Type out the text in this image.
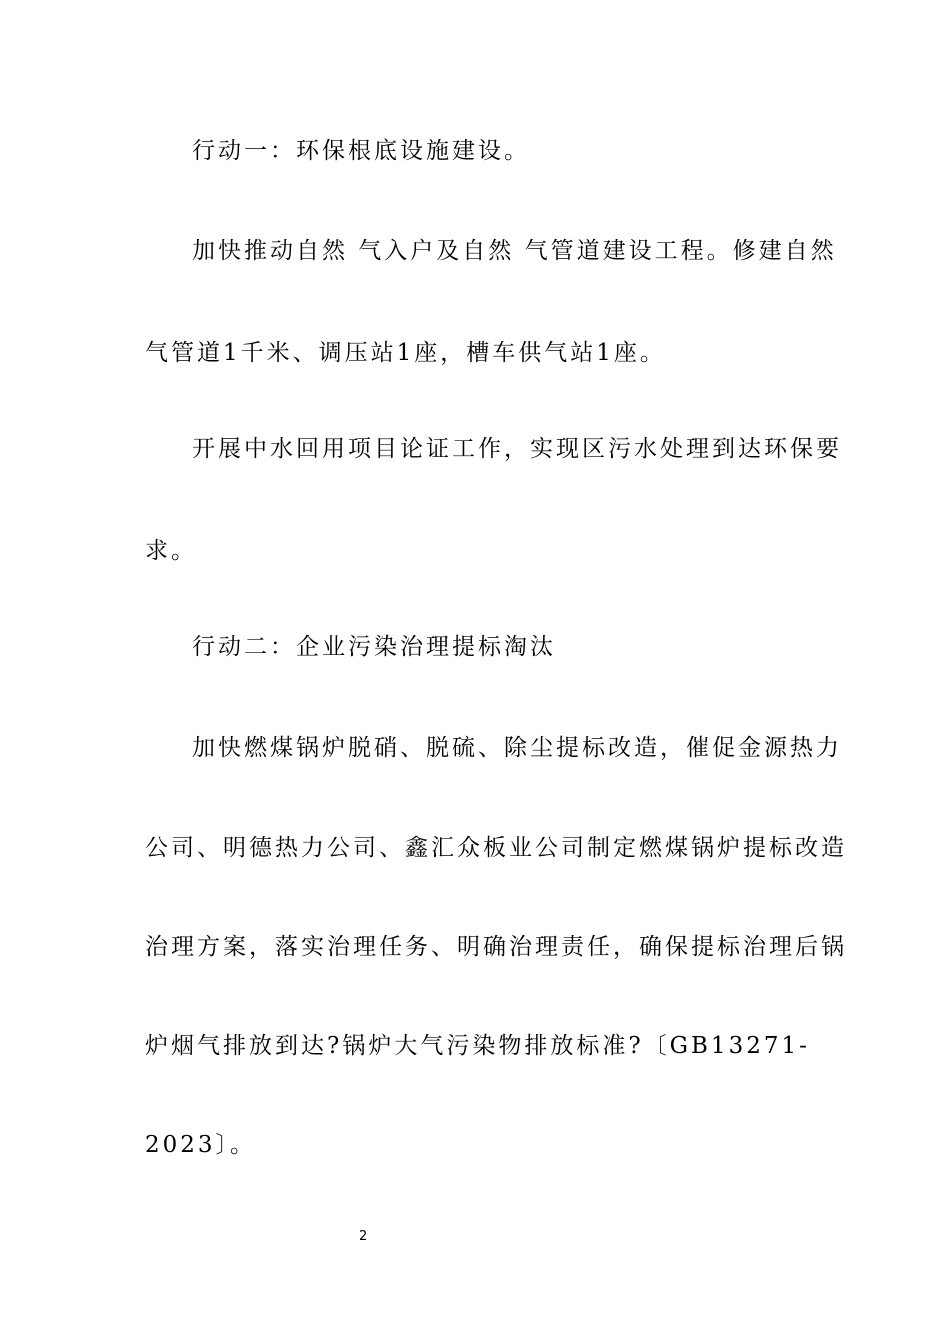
行动一：环保根底设施建设。
加快推动自然 气入户及自然 气管道建设工程。修建自然
气管道1千米、调压站1座，槽车供气站1座。
开展中水回用项目论证工作，实现区污水处理到达环保要
求。
行动二：企业污染治理提标淘汰
加快燃煤锅炉脱硝、脱硫、除尘提标改造，催促金源热力
公司、明德热力公司、鑫汇众板业公司制定燃煤锅炉提标改造
治理方案，落实治理任务、明确治理责任，确保提标治理后锅
炉烟气排放到达?锅炉大气污染物排放标准?〔GB13271-
2023〕。
2
